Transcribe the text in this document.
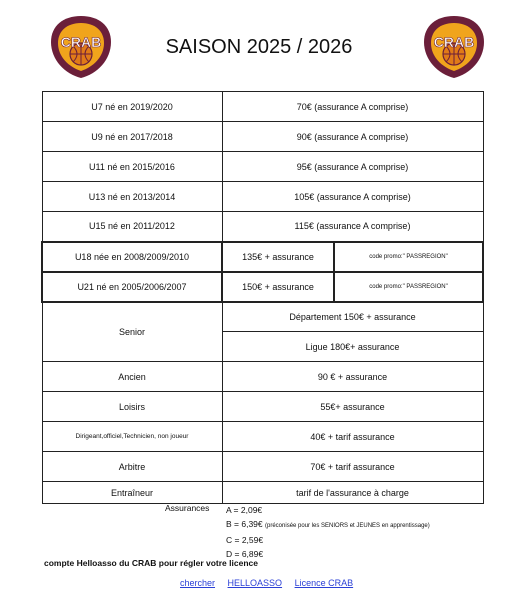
CRAB	CRAB
SAISON 2025 / 2026
U7 né en 2019/2020	70€ (assurance A comprise)	
U9 né en 2017/2018	90€ (assurance A comprise)	
U11 né en 2015/2016	95€ (assurance A comprise)	
U13 né en 2013/2014	105€ (assurance A comprise)	
U15 né en 2011/2012	115€ (assurance A comprise)	
U18 née en 2008/2009/2010	135€ + assurance	code promo:" PASSREGION"
U21 né en 2005/2006/2007	150€ + assurance	code promo:" PASSREGION"
Senior	Département 150€ + assurance	
	Ligue 180€+ assurance	
Ancien	90 € + assurance	
Loisirs	55€+ assurance	
Dirigeant,officiel,Technicien, non joueur	40€ + tarif assurance	
Arbitre	70€ + tarif assurance	
Entraîneur	tarif de l'assurance à charge	
Assurances A = 2,09€
B = 6,39€ (préconisée pour les SENIORS et JEUNES en apprentissage)
C = 2,59€
D = 6,89€
compte Helloasso du CRAB pour régler votre licence
chercher HELLOASSO Licence CRAB
